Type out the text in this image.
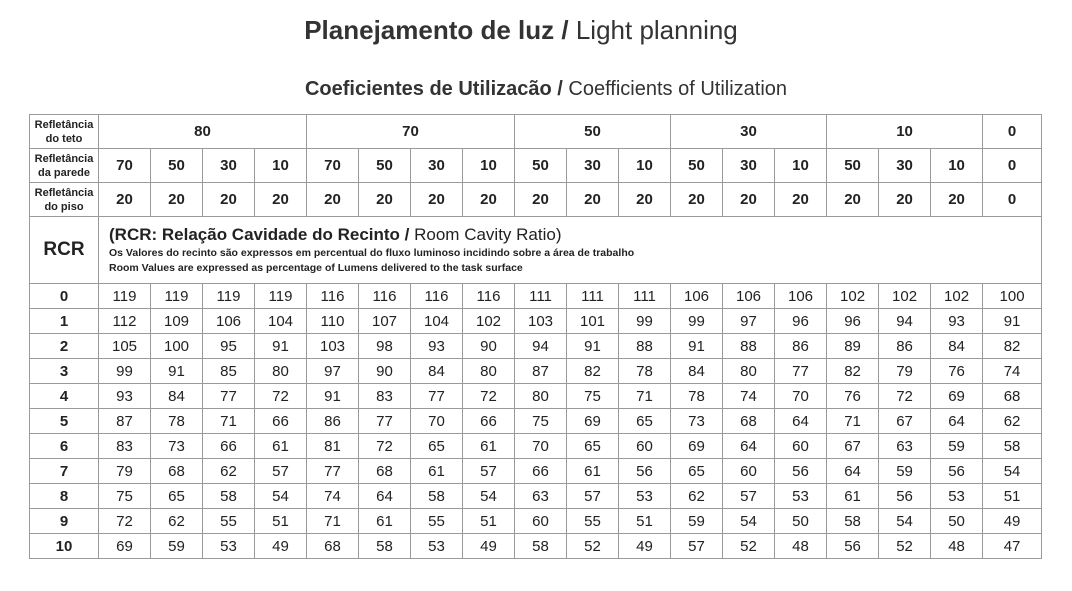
Planejamento de luz / Light planning
Coeficientes de Utilizacão / Coefficients of Utilization
Refletância do teto	80				70				50			30			10			0
Refletância da parede	70	50	30	10	70	50	30	10	50	30	10	50	30	10	50	30	10	0
Refletância do piso	20	20	20	20	20	20	20	20	20	20	20	20	20	20	20	20	20	0
RCR	(RCR: Relação Cavidade do Recinto / Room Cavity Ratio)
Os Valores do recinto são expressos em percentual do fluxo luminoso incidindo sobre a área de trabalho
Room Values are expressed as percentage of Lumens delivered to the task surface																	

0	119	119	119	119	116	116	116	116	111	111	111	106	106	106	102	102	102	100
1	112	109	106	104	110	107	104	102	103	101	99	99	97	96	96	94	93	91
2	105	100	95	91	103	98	93	90	94	91	88	91	88	86	89	86	84	82
3	99	91	85	80	97	90	84	80	87	82	78	84	80	77	82	79	76	74
4	93	84	77	72	91	83	77	72	80	75	71	78	74	70	76	72	69	68
5	87	78	71	66	86	77	70	66	75	69	65	73	68	64	71	67	64	62
6	83	73	66	61	81	72	65	61	70	65	60	69	64	60	67	63	59	58
7	79	68	62	57	77	68	61	57	66	61	56	65	60	56	64	59	56	54
8	75	65	58	54	74	64	58	54	63	57	53	62	57	53	61	56	53	51
9	72	62	55	51	71	61	55	51	60	55	51	59	54	50	58	54	50	49
10	69	59	53	49	68	58	53	49	58	52	49	57	52	48	56	52	48	47
